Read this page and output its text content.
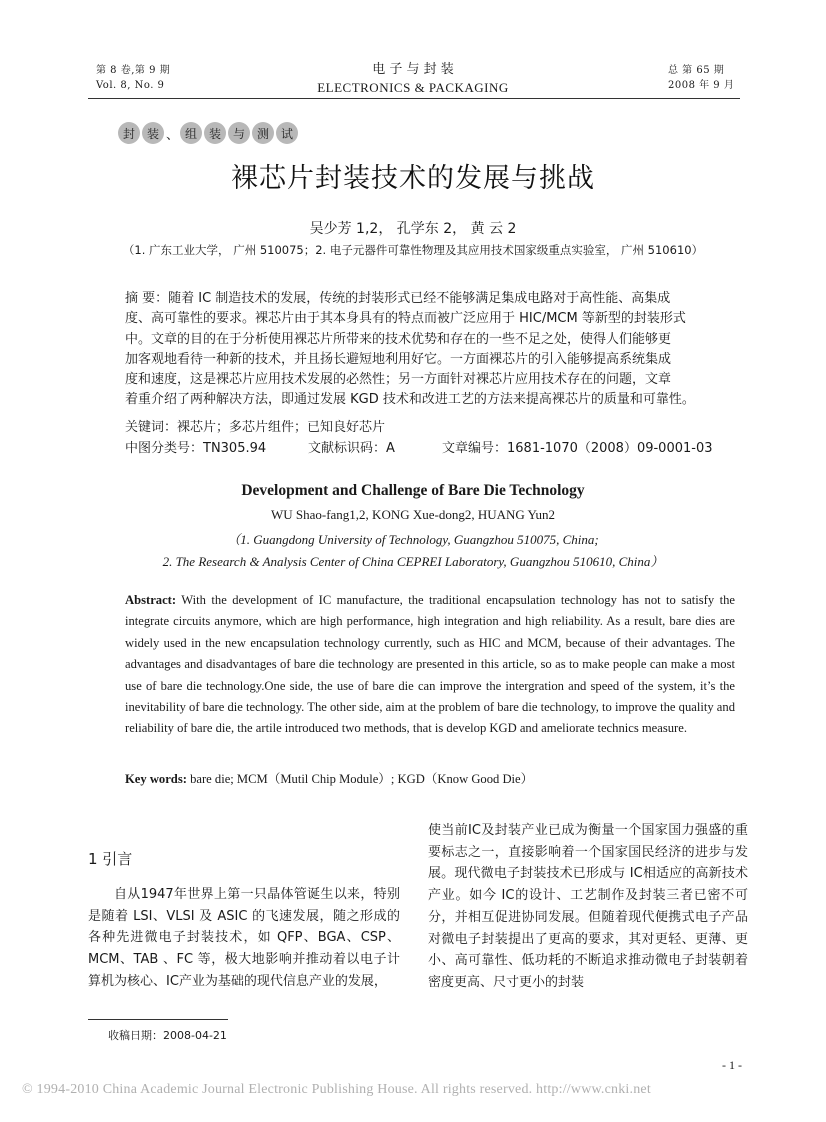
第 8 卷,第 9 期
Vol. 8, No. 9
电 子 与 封 装
ELECTRONICS & PACKAGING
总 第 65 期
2008 年 9 月
封 装 、 组 装 与 测 试
裸芯片封装技术的发展与挑战
吴少芳 1,2， 孔学东 2， 黄 云 2
（1. 广东工业大学， 广州 510075；2. 电子元器件可靠性物理及其应用技术国家级重点实验室， 广州 510610）
摘 要：随着 IC 制造技术的发展，传统的封装形式已经不能够满足集成电路对于高性能、高集成
度、高可靠性的要求。裸芯片由于其本身具有的特点而被广泛应用于 HIC/MCM 等新型的封装形式
中。文章的目的在于分析使用裸芯片所带来的技术优势和存在的一些不足之处，使得人们能够更
加客观地看待一种新的技术，并且扬长避短地利用好它。一方面裸芯片的引入能够提高系统集成
度和速度，这是裸芯片应用技术发展的必然性；另一方面针对裸芯片应用技术存在的问题，文章
着重介绍了两种解决方法，即通过发展 KGD 技术和改进工艺的方法来提高裸芯片的质量和可靠性。
关键词：裸芯片；多芯片组件；已知良好芯片
中图分类号：TN305.94	文献标识码：A	文章编号：1681-1070（2008）09-0001-03
Development and Challenge of Bare Die Technology
WU Shao-fang1,2, KONG Xue-dong2, HUANG Yun2
（1. Guangdong University of Technology, Guangzhou 510075, China;
2. The Research & Analysis Center of China CEPREI Laboratory, Guangzhou 510610, China）
Abstract: With the development of IC manufacture, the traditional encapsulation technology has not to satisfy the integrate circuits anymore, which are high performance, high integration and high reliability. As a result, bare dies are widely used in the new encapsulation technology currently, such as HIC and MCM, because of their advantages. The advantages and disadvantages of bare die technology are presented in this article, so as to make people can make a most use of bare die technology.One side, the use of bare die can improve the intergration and speed of the system, it’s the inevitability of bare die technology. The other side, aim at the problem of bare die technology, to improve the quality and reliability of bare die, the artile introduced two methods, that is develop KGD and ameliorate technics measure.
Key words: bare die; MCM（Mutil Chip Module）; KGD（Know Good Die）
1 引言
自从1947年世界上第一只晶体管诞生以来，特别是随着 LSI、VLSI 及 ASIC 的飞速发展，随之形成的各种先进微电子封装技术，如 QFP、BGA、CSP、MCM、TAB 、FC 等，极大地影响并推动着以电子计算机为核心、IC产业为基础的现代信息产业的发展，
使当前IC及封装产业已成为衡量一个国家国力强盛的重要标志之一，直接影响着一个国家国民经济的进步与发展。现代微电子封装技术已形成与 IC相适应的高新技术产业。如今 IC的设计、工艺制作及封装三者已密不可分，并相互促进协同发展。但随着现代便携式电子产品对微电子封装提出了更高的要求，其对更轻、更薄、更小、高可靠性、低功耗的不断追求推动微电子封装朝着密度更高、尺寸更小的封装
收稿日期：2008-04-21
- 1 -
© 1994-2010 China Academic Journal Electronic Publishing House. All rights reserved. http://www.cnki.net
